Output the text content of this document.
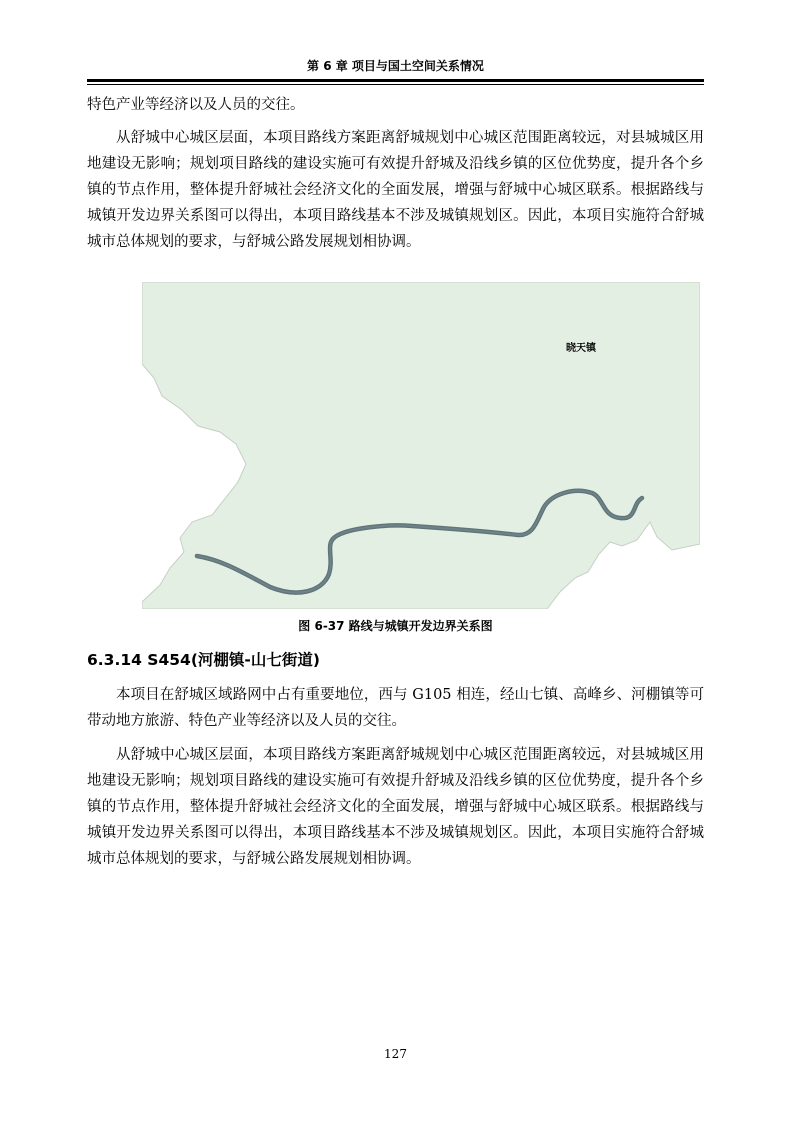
第 6 章 项目与国土空间关系情况

特色产业等经济以及人员的交往。

从舒城中心城区层面，本项目路线方案距离舒城规划中心城区范围距离较远，对县城城区用地建设无影响；规划项目路线的建设实施可有效提升舒城及沿线乡镇的区位优势度，提升各个乡镇的节点作用，整体提升舒城社会经济文化的全面发展，增强与舒城中心城区联系。根据路线与城镇开发边界关系图可以得出，本项目路线基本不涉及城镇规划区。因此，本项目实施符合舒城城市总体规划的要求，与舒城公路发展规划相协调。

晓天镇
图 6-37 路线与城镇开发边界关系图
6.3.14 S454(河棚镇-山七街道)

本项目在舒城区域路网中占有重要地位，西与 G105 相连，经山七镇、高峰乡、河棚镇等可带动地方旅游、特色产业等经济以及人员的交往。

从舒城中心城区层面，本项目路线方案距离舒城规划中心城区范围距离较远，对县城城区用地建设无影响；规划项目路线的建设实施可有效提升舒城及沿线乡镇的区位优势度，提升各个乡镇的节点作用，整体提升舒城社会经济文化的全面发展，增强与舒城中心城区联系。根据路线与城镇开发边界关系图可以得出，本项目路线基本不涉及城镇规划区。因此，本项目实施符合舒城城市总体规划的要求，与舒城公路发展规划相协调。

127
